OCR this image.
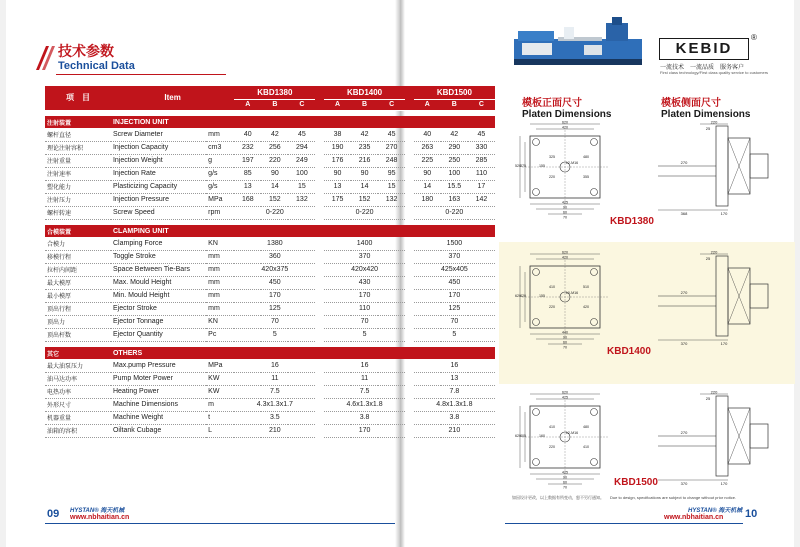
技术参数
Technical Data
项　目	Item		KBD1380				KBD1400				KBD1500		
			A	B	C		A	B	C		A	B	C

注射装置	INJECTION UNIT												
螺杆直径	Screw Diameter	mm	40	42	45		38	42	45		40	42	45
理论注射容积	Injection Capacity	cm3	232	256	294		190	235	270		263	290	330
注射重量	Injection Weight	g	197	220	249		176	216	248		225	250	285
注射速率	Injection Rate	g/s	85	90	100		90	90	95		90	100	110
塑化能力	Plasticizing Capacity	g/s	13	14	15		13	14	15		14	15.5	17
注射压力	Injection Pressure	MPa	168	152	132		175	152	132		180	163	142
螺杆转速	Screw Speed	rpm	0-220				0-220				0-220		

合模装置	CLAMPING UNIT												
合模力	Clamping Force	KN	1380				1400				1500		
移模行程	Toggle Stroke	mm	360				370				370		
拉杆内间距	Space Between Tie-Bars	mm	420x375				420x420				425x405		
最大模厚	Max. Mould Height	mm	450				430				450		
最小模厚	Min. Mould Height	mm	170				170				170		
顶出行程	Ejector Stroke	mm	125				110				125		
顶出力	Ejector Tonnage	KN	70				70				70		
顶出杆数	Ejector Quantity	Pc	5				5				5		

其它	OTHERS												
最大油泵压力	Max.pump Pressure	MPa	16				16				16		
油马达功率	Pump Moter Power	KW	11				11				13		
电热功率	Heating Power	KW	7.5				7.5				7.8		
外形尺寸	Machine Dimensions	m	4.3x1.3x1.7				4.6x1.3x1.8				4.8x1.3x1.8		
机器重量	Machine Weight	t	3.5				3.8				3.8		
油箱的容积	Oiltank Cubage	L	210				170				210		
09 HYSTAN® 海天机械
www.nbhaitian.cn
KEBID
®
一流技术　一流品质　服务客户
First class technology/First class quality service to customers
模板正面尺寸
Platen Dimensions
模板侧面尺寸
Platen Dimensions
620
420
325
220
12-M16
520 375
425
90
60
70
155
355
480
220
25
270
368	170
KBD1380
620
420
410
220
10-M16
620 420
440
90
60
70
155
420
510
220
25
270
370	170
KBD1400
620
425
410
220
12-M16
620 405
425
90
60
70
160
410
480
220
25
270
370	170
KBD1500
如因设计更改，以上数据有所变动，恕不另行通知。 Due to design, specifications are subject to change without prior notice.
HYSTAN® 海天机械
www.nbhaitian.cn 10
